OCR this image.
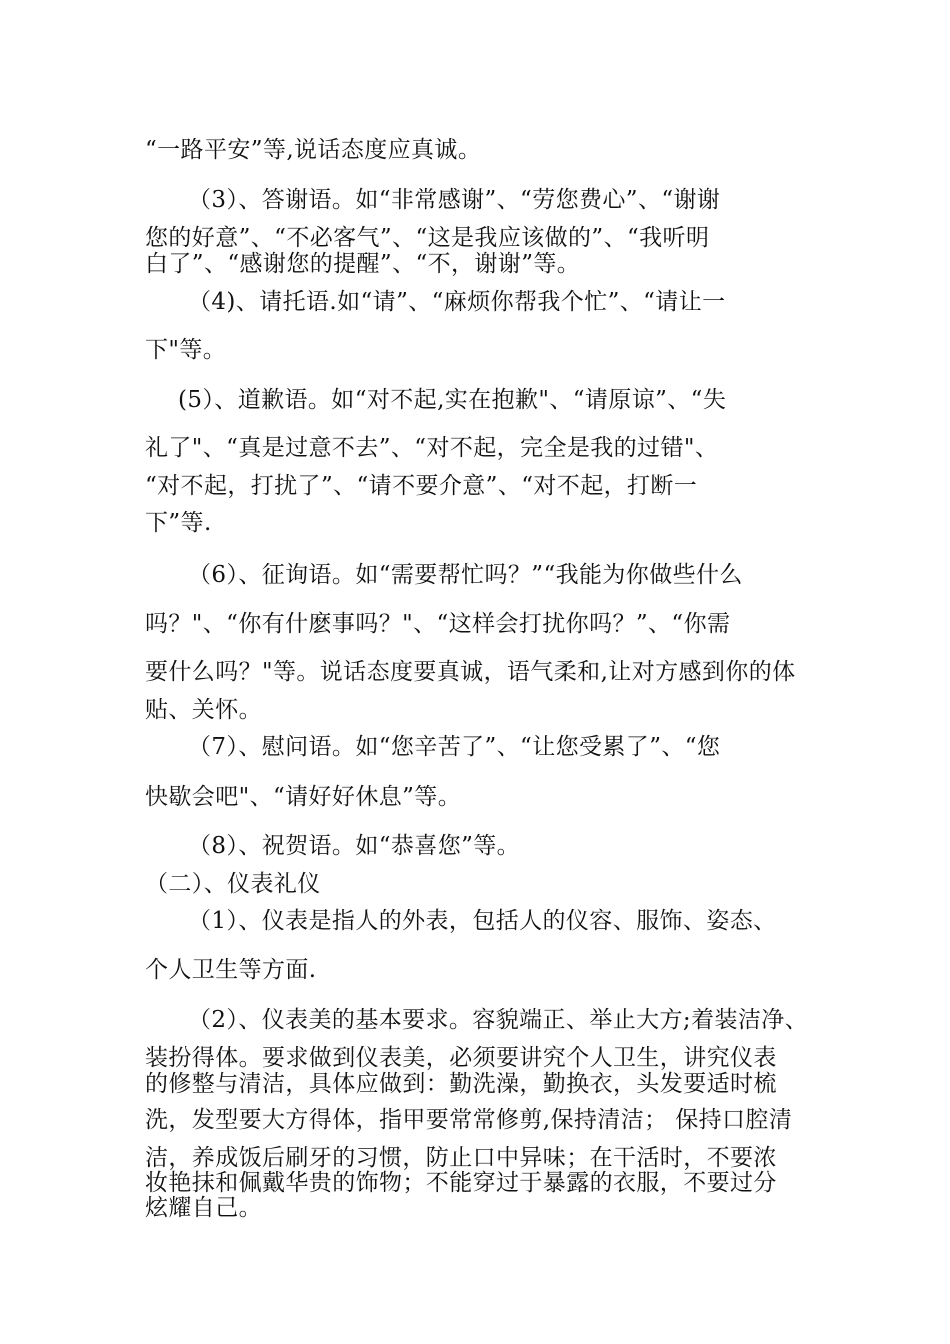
“一路平安”等,说话态度应真诚。
（3）、答谢语。如“非常感谢”、“劳您费心”、“谢谢
您的好意”、“不必客气”、“这是我应该做的”、“我听明
白了”、“感谢您的提醒”、“不，谢谢”等。
（4)、请托语.如“请”、“麻烦你帮我个忙”、“请让一
下"等。
(5）、道歉语。如“对不起,实在抱歉"、“请原谅”、“失
礼了"、“真是过意不去”、“对不起，完全是我的过错"、
“对不起，打扰了”、“请不要介意”、“对不起，打断一
下”等.
（6）、征询语。如“需要帮忙吗？”“我能为你做些什么
吗？"、“你有什麽事吗？"、“这样会打扰你吗？”、“你需
要什么吗？"等。说话态度要真诚，语气柔和,让对方感到你的体
贴、关怀。
（7）、慰问语。如“您辛苦了”、“让您受累了”、“您
快歇会吧"、“请好好休息”等。
（8）、祝贺语。如“恭喜您”等。
（二）、仪表礼仪
（1）、仪表是指人的外表，包括人的仪容、服饰、姿态、
个人卫生等方面.
（2）、仪表美的基本要求。容貌端正、举止大方;着装洁净、
装扮得体。要求做到仪表美，必须要讲究个人卫生，讲究仪表
的修整与清洁，具体应做到：勤洗澡，勤换衣，头发要适时梳
洗，发型要大方得体，指甲要常常修剪,保持清洁； 保持口腔清
洁，养成饭后刷牙的习惯，防止口中异味；在干活时，不要浓
妆艳抹和佩戴华贵的饰物；不能穿过于暴露的衣服，不要过分
炫耀自己。
